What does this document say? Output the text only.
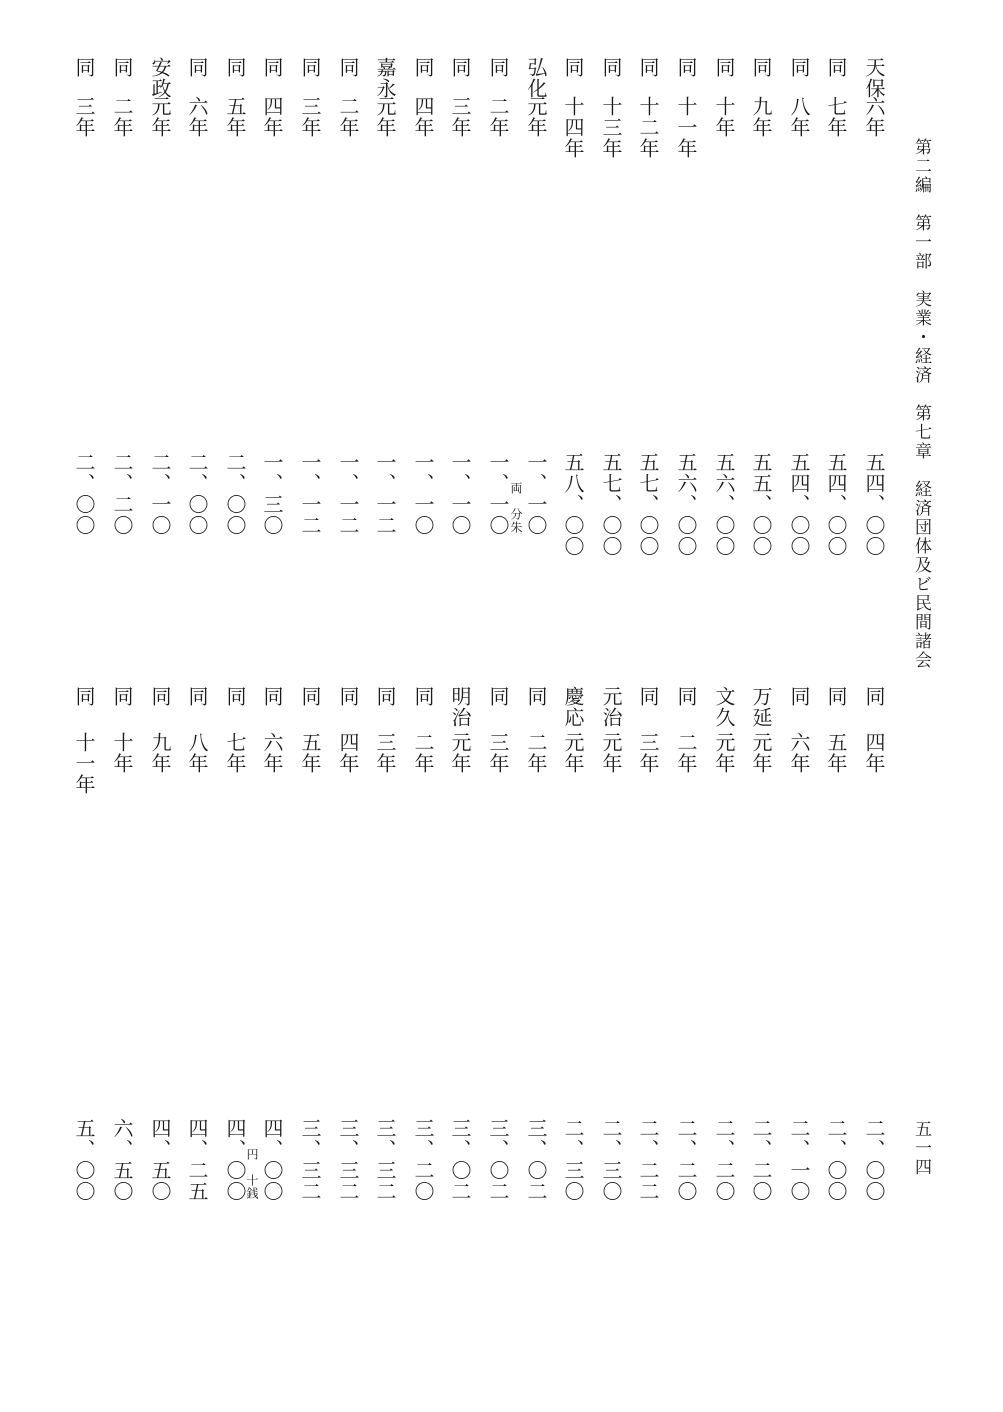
第二編　第一部　実業・経済　第七章　経済団体及ビ民間諸会
五一四
天保
六年
五四、〇〇
同
七年
五四、〇〇
同
八年
五四、〇〇
同
九年
五五、〇〇
同
十年
五六、〇〇
同
十一年
五六、〇〇
同
十二年
五七、〇〇
同
十三年
五七、〇〇
同
十四年
五八、〇〇
弘化
元年
一、一〇
両　分朱
同
二年
一、一〇
同
三年
一、一〇
同
四年
一、一〇
嘉永
元年
一、一二
同
二年
一、一二
同
三年
一、一二
同
四年
一、三〇
同
五年
二、〇〇
同
六年
二、〇〇
安政
元年
二、一〇
同
二年
二、二〇
同
三年
二、〇〇
同
四年
二、〇〇
同
五年
二、〇〇
同
六年
二、一〇
万延
元年
二、二〇
文久
元年
二、二〇
同
二年
二、二〇
同
三年
二、二二
元治
元年
二、三〇
慶応
元年
二、三〇
同
二年
三、〇二
同
三年
三、〇二
明治
元年
三、〇二
同
二年
三、二〇
同
三年
三、三二
同
四年
三、三二
同
五年
三、三二
同
六年
四、〇〇
円　十銭
同
七年
四、〇〇
同
八年
四、二五
同
九年
四、五〇
同
十年
六、五〇
同
十一年
五、〇〇
